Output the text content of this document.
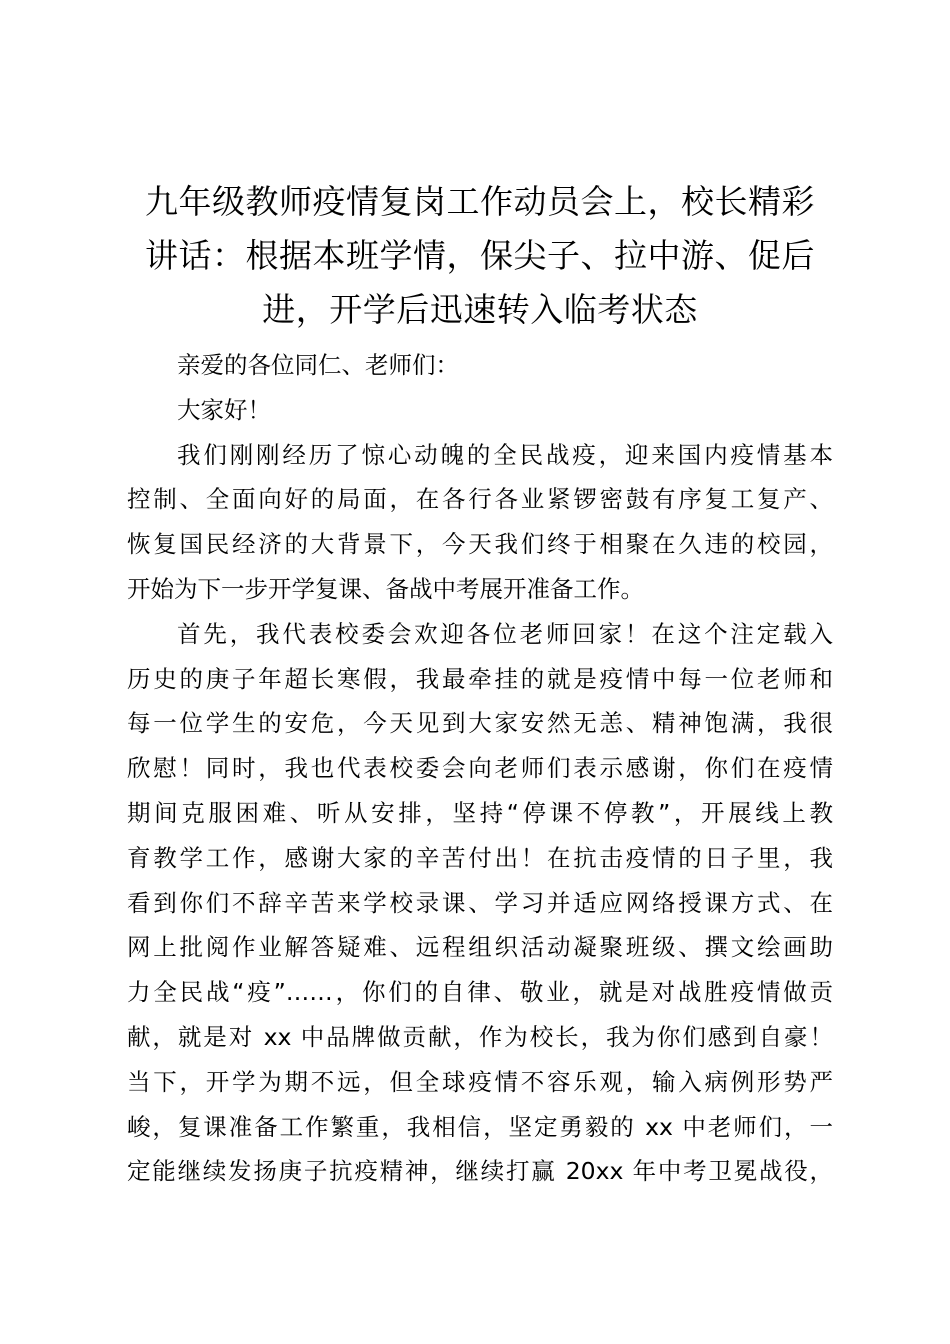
九年级教师疫情复岗工作动员会上，校长精彩
讲话：根据本班学情，保尖子、拉中游、促后
进，开学后迅速转入临考状态

亲爱的各位同仁、老师们：

大家好！

我们刚刚经历了惊心动魄的全民战疫，迎来国内疫情基本
控制、全面向好的局面，在各行各业紧锣密鼓有序复工复产、
恢复国民经济的大背景下，今天我们终于相聚在久违的校园，
开始为下一步开学复课、备战中考展开准备工作。
首先，我代表校委会欢迎各位老师回家！在这个注定载入
历史的庚子年超长寒假，我最牵挂的就是疫情中每一位老师和
每一位学生的安危，今天见到大家安然无恙、精神饱满，我很
欣慰！同时，我也代表校委会向老师们表示感谢，你们在疫情
期间克服困难、听从安排，坚持“停课不停教”，开展线上教
育教学工作，感谢大家的辛苦付出！在抗击疫情的日子里，我
看到你们不辞辛苦来学校录课、学习并适应网络授课方式、在
网上批阅作业解答疑难、远程组织活动凝聚班级、撰文绘画助
力全民战“疫”……，你们的自律、敬业，就是对战胜疫情做贡
献，就是对 xx 中品牌做贡献，作为校长，我为你们感到自豪！
当下，开学为期不远，但全球疫情不容乐观，输入病例形势严
峻，复课准备工作繁重，我相信，坚定勇毅的 xx 中老师们，一
定能继续发扬庚子抗疫精神，继续打赢 20xx 年中考卫冕战役，
